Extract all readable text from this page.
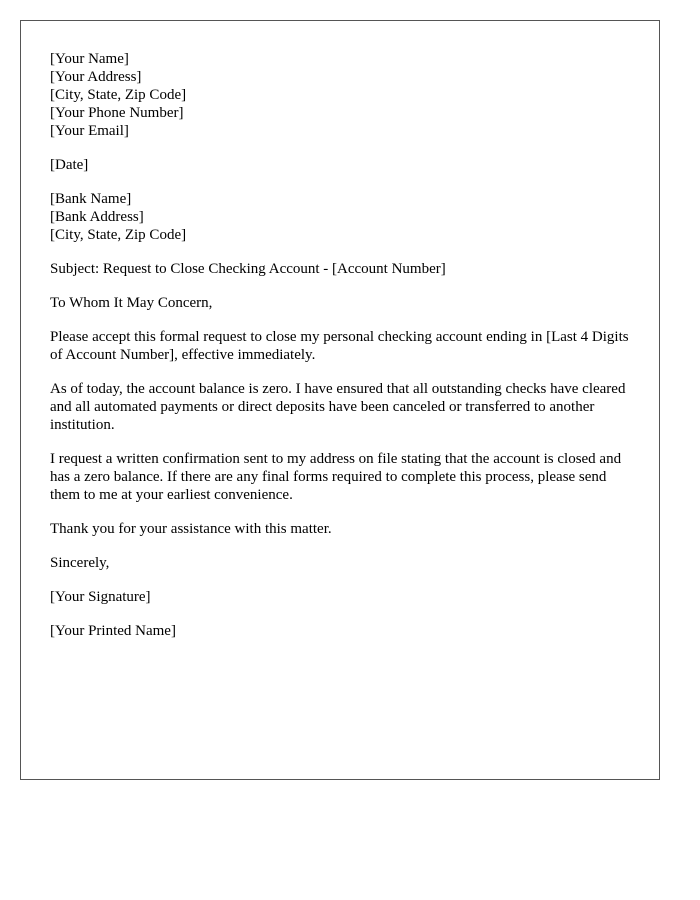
[Your Name]
[Your Address]
[City, State, Zip Code]
[Your Phone Number]
[Your Email]
[Date]
[Bank Name]
[Bank Address]
[City, State, Zip Code]

Subject: Request to Close Checking Account - [Account Number]

To Whom It May Concern,

Please accept this formal request to close my personal checking account ending in [Last 4 Digits of Account Number], effective immediately.

As of today, the account balance is zero. I have ensured that all outstanding checks have cleared and all automated payments or direct deposits have been canceled or transferred to another institution.

I request a written confirmation sent to my address on file stating that the account is closed and has a zero balance. If there are any final forms required to complete this process, please send them to me at your earliest convenience.

Thank you for your assistance with this matter.

Sincerely,

[Your Signature]

[Your Printed Name]
